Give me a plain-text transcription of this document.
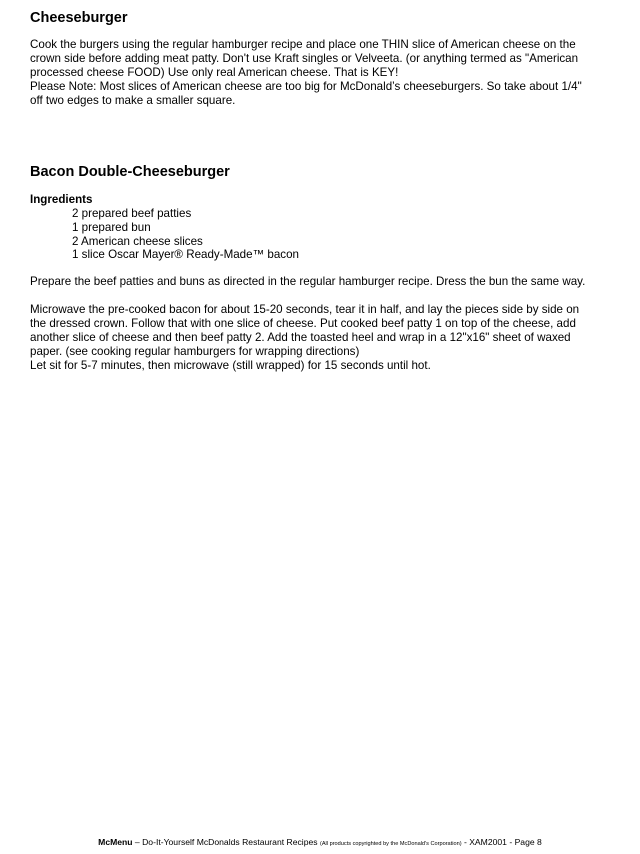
Cheeseburger
Cook the burgers using the regular hamburger recipe and place one THIN slice of American cheese on the
crown side before adding meat patty. Don't use Kraft singles or Velveeta. (or anything termed as "American
processed cheese FOOD) Use only real American cheese. That is KEY!
Please Note: Most slices of American cheese are too big for McDonald’s cheeseburgers. So take about 1/4"
off two edges to make a smaller square.
Bacon Double-Cheeseburger
Ingredients
2 prepared beef patties
1 prepared bun
2 American cheese slices
1 slice Oscar Mayer® Ready-Made™ bacon
Prepare the beef patties and buns as directed in the regular hamburger recipe. Dress the bun the same way.
Microwave the pre-cooked bacon for about 15-20 seconds, tear it in half, and lay the pieces side by side on
the dressed crown. Follow that with one slice of cheese. Put cooked beef patty 1 on top of the cheese, add
another slice of cheese and then beef patty 2. Add the toasted heel and wrap in a 12"x16" sheet of waxed
paper. (see cooking regular hamburgers for wrapping directions)
Let sit for 5-7 minutes, then microwave (still wrapped) for 15 seconds until hot.
McMenu – Do-It-Yourself McDonalds Restaurant Recipes (All products copyrighted by the McDonald's Corporation) - XAM2001 - Page 8
